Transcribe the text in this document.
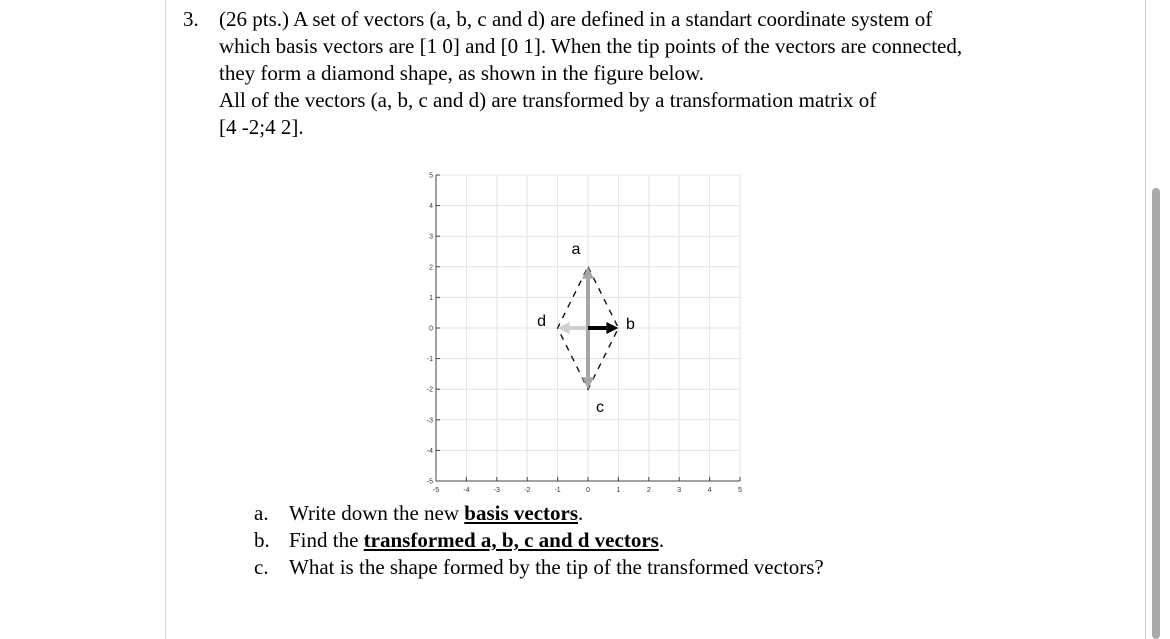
3. (26 pts.) A set of vectors (a, b, c and d) are defined in a standart coordinate system of
which basis vectors are [1 0] and [0 1]. When the tip points of the vectors are connected,
they form a diamond shape, as shown in the figure below.
All of the vectors (a, b, c and d) are transformed by a transformation matrix of
[4 -2;4 2].
-5	-4	-3	-2	-1	0	1	2	3	4	5
5
4
3
2
1
0
-1
-2
-3
-4
-5
a
b
c
d
a. Write down the new basis vectors.
b. Find the transformed a, b, c and d vectors.
c. What is the shape formed by the tip of the transformed vectors?
